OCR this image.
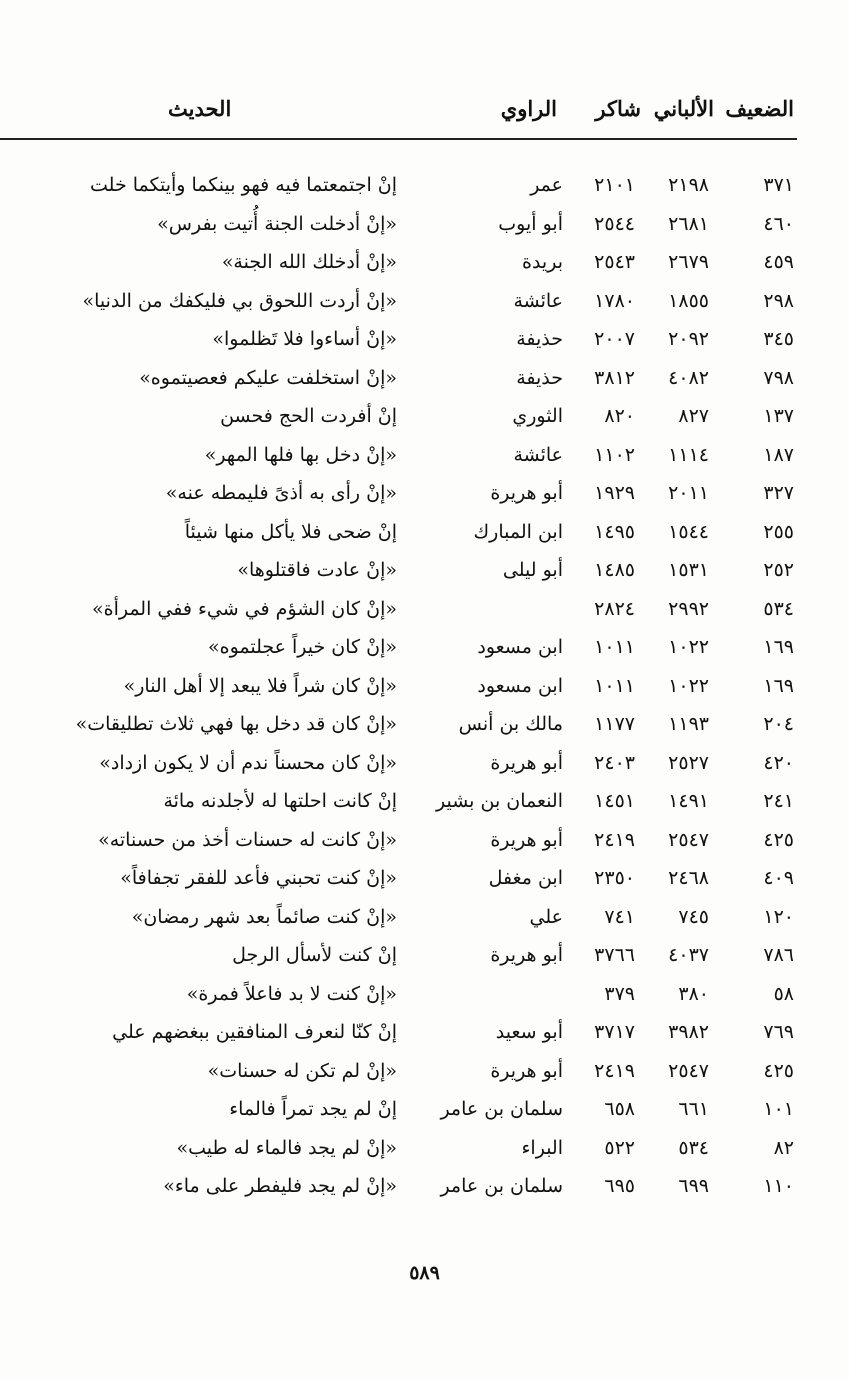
الضعيف
الألباني
شاكر
الراوي
الحديث
٣٧١
٢١٩٨
٢١٠١
عمر
إنْ اجتمعتما فيه فهو بينكما وأيتكما خلت
٤٦٠
٢٦٨١
٢٥٤٤
أبو أيوب
«إنْ أدخلت الجنة أُتيت بفرس»
٤٥٩
٢٦٧٩
٢٥٤٣
بريدة
«إنْ أدخلك الله الجنة»
٢٩٨
١٨٥٥
١٧٨٠
عائشة
«إنْ أردت اللحوق بي فليكفك من الدنيا»
٣٤٥
٢٠٩٢
٢٠٠٧
حذيفة
«إنْ أساءوا فلا تَظلموا»
٧٩٨
٤٠٨٢
٣٨١٢
حذيفة
«إنْ استخلفت عليكم فعصيتموه»
١٣٧
٨٢٧
٨٢٠
الثوري
إنْ أفردت الحج فحسن
١٨٧
١١١٤
١١٠٢
عائشة
«إنْ دخل بها فلها المهر»
٣٢٧
٢٠١١
١٩٢٩
أبو هريرة
«إنْ رأى به أذىً فليمطه عنه»
٢٥٥
١٥٤٤
١٤٩٥
ابن المبارك
إنْ ضحى فلا يأكل منها شيئاً
٢٥٢
١٥٣١
١٤٨٥
أبو ليلى
«إنْ عادت فاقتلوها»
٥٣٤
٢٩٩٢
٢٨٢٤
«إنْ كان الشؤم في شيء ففي المرأة»
١٦٩
١٠٢٢
١٠١١
ابن مسعود
«إنْ كان خيراً عجلتموه»
١٦٩
١٠٢٢
١٠١١
ابن مسعود
«إنْ كان شراً فلا يبعد إلا أهل النار»
٢٠٤
١١٩٣
١١٧٧
مالك بن أنس
«إنْ كان قد دخل بها فهي ثلاث تطليقات»
٤٢٠
٢٥٢٧
٢٤٠٣
أبو هريرة
«إنْ كان محسناً ندم أن لا يكون ازداد»
٢٤١
١٤٩١
١٤٥١
النعمان بن بشير
إنْ كانت احلتها له لأجلدنه مائة
٤٢٥
٢٥٤٧
٢٤١٩
أبو هريرة
«إنْ كانت له حسنات أخذ من حسناته»
٤٠٩
٢٤٦٨
٢٣٥٠
ابن مغفل
«إنْ كنت تحبني فأعد للفقر تجفافاً»
١٢٠
٧٤٥
٧٤١
علي
«إنْ كنت صائماً بعد شهر رمضان»
٧٨٦
٤٠٣٧
٣٧٦٦
أبو هريرة
إنْ كنت لأسأل الرجل
٥٨
٣٨٠
٣٧٩
«إنْ كنت لا بد فاعلاً فمرة»
٧٦٩
٣٩٨٢
٣٧١٧
أبو سعيد
إنْ كنّا لنعرف المنافقين ببغضهم علي
٤٢٥
٢٥٤٧
٢٤١٩
أبو هريرة
«إنْ لم تكن له حسنات»
١٠١
٦٦١
٦٥٨
سلمان بن عامر
إنْ لم يجد تمراً فالماء
٨٢
٥٣٤
٥٢٢
البراء
«إنْ لم يجد فالماء له طيب»
١١٠
٦٩٩
٦٩٥
سلمان بن عامر
«إنْ لم يجد فليفطر على ماء»
٥٨٩
